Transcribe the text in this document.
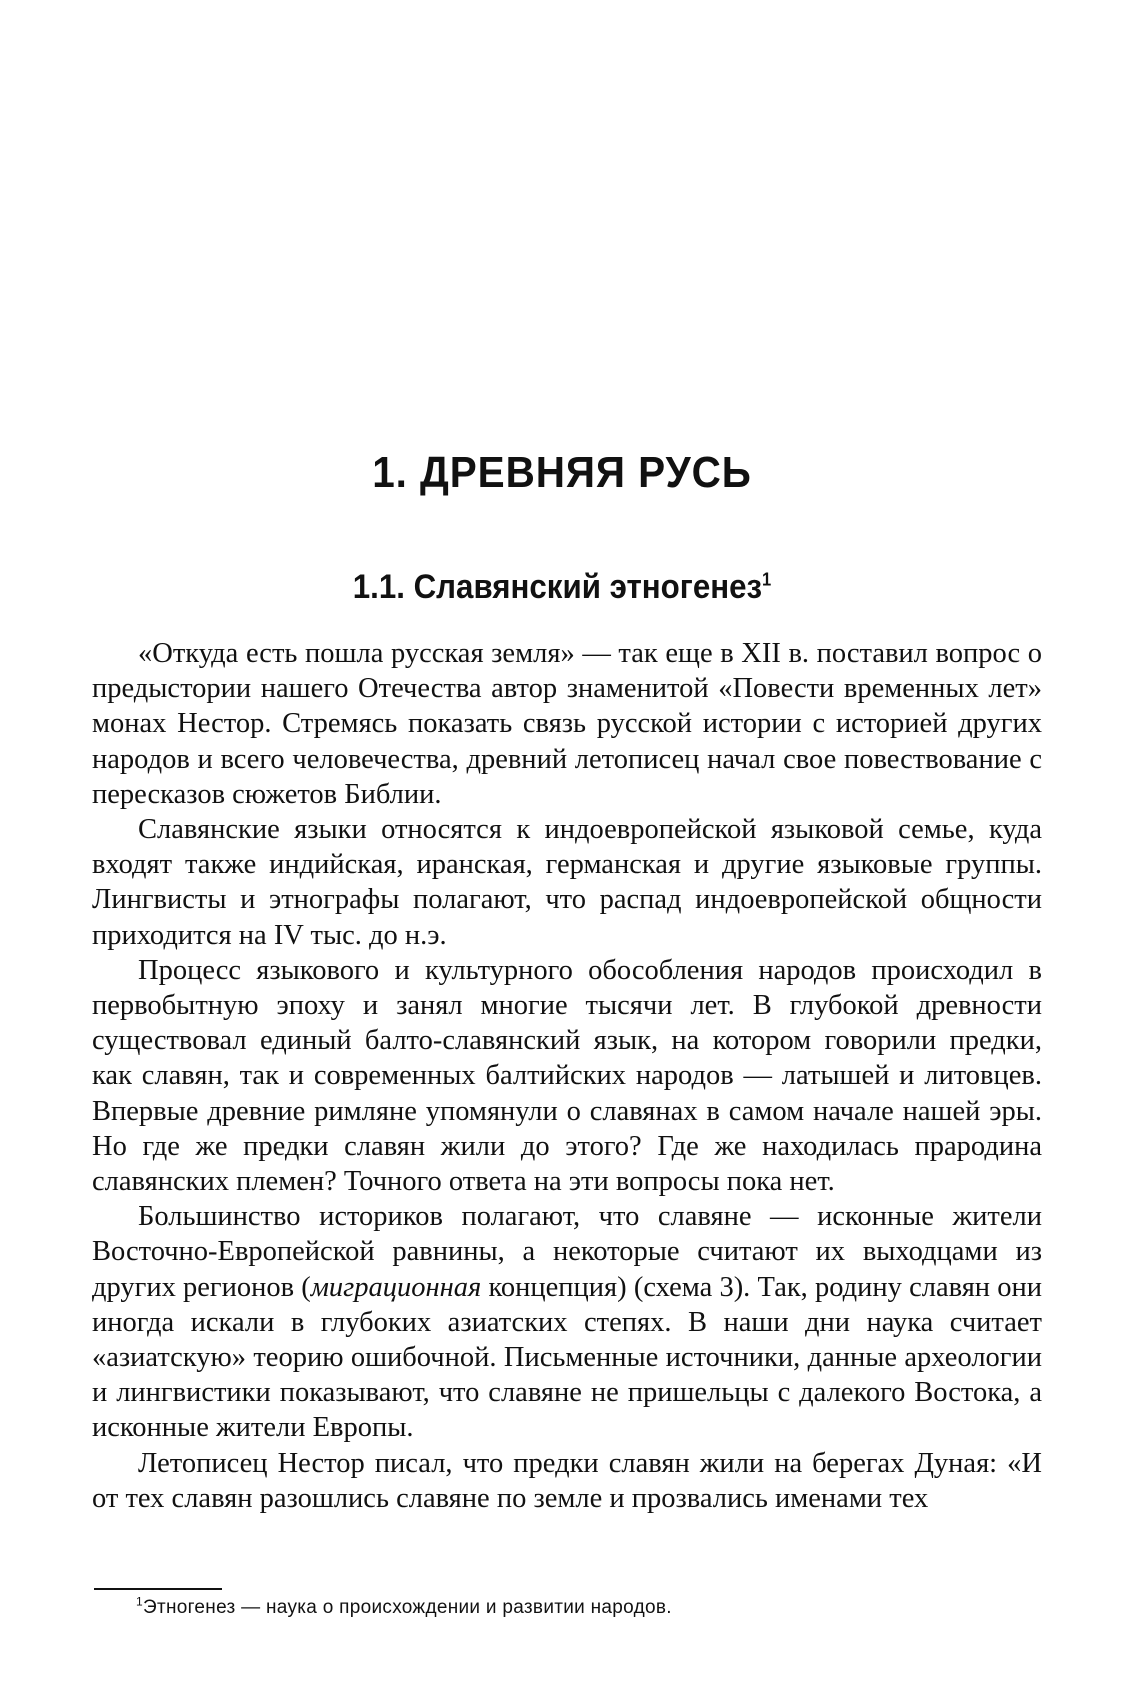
1. ДРЕВНЯЯ РУСЬ
1.1. Славянский этногенез$^1$

«Откуда есть пошла русская земля» — так еще в XII в. поставил вопрос о предыстории нашего Отечества автор знаменитой «Повести временных лет» монах Нестор. Стремясь показать связь русской истории с историей других народов и всего человечества, древний летописец начал свое повествование с пересказов сюжетов Библии.

Славянские языки относятся к индоевропейской языковой семье, куда входят также индийская, иранская, германская и другие языковые группы. Лингвисты и этнографы полагают, что распад индоевропейской общности приходится на IV тыс. до н.э.

Процесс языкового и культурного обособления народов происходил в первобытную эпоху и занял многие тысячи лет. В глубокой древности существовал единый балто-славянский язык, на котором говорили предки, как славян, так и современных балтийских народов — латышей и литовцев. Впервые древние римляне упомянули о славянах в самом начале нашей эры. Но где же предки славян жили до этого? Где же находилась прародина славянских племен? Точного ответа на эти вопросы пока нет.

Большинство историков полагают, что славяне — исконные жители Восточно-Европейской равнины, а некоторые считают их выходцами из других регионов (миграционная концепция) (схема 3). Так, родину славян они иногда искали в глубоких азиатских степях. В наши дни наука считает «азиатскую» теорию ошибочной. Письменные источники, данные археологии и лингвистики показывают, что славяне не пришельцы с далекого Востока, а исконные жители Европы.

Летописец Нестор писал, что предки славян жили на берегах Дуная: «И от тех славян разошлись славяне по земле и прозвались именами тех

$^1$Этногенез — наука о происхождении и развитии народов.
